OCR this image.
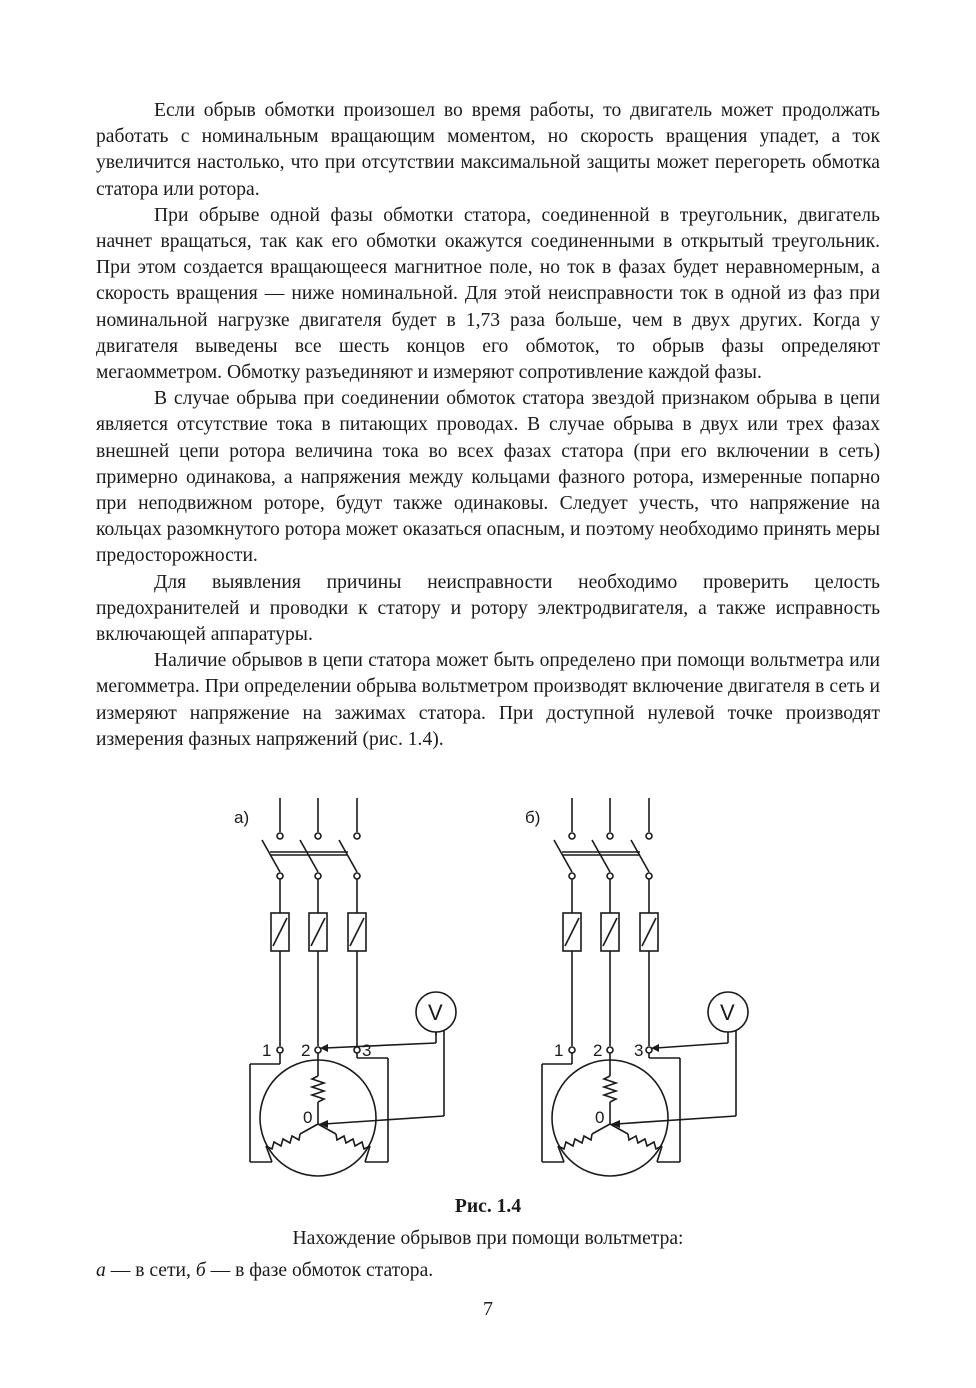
Если обрыв обмотки произошел во время работы, то двигатель может продолжать работать с номинальным вращающим моментом, но скорость вращения упадет, а ток увеличится настолько, что при отсутствии максимальной защиты может перегореть обмотка статора или ротора.

При обрыве одной фазы обмотки статора, соединенной в треугольник, двигатель начнет вращаться, так как его обмотки окажутся соединенными в открытый треугольник. При этом создается вращающееся магнитное поле, но ток в фазах будет неравномерным, а скорость вращения — ниже номинальной. Для этой неисправности ток в одной из фаз при номинальной нагрузке двигателя будет в 1,73 раза больше, чем в двух других. Когда у двигателя выведены все шесть концов его обмоток, то обрыв фазы определяют мегаомметром. Обмотку разъединяют и измеряют сопротивление каждой фазы.

В случае обрыва при соединении обмоток статора звездой признаком обрыва в цепи является отсутствие тока в питающих проводах. В случае обрыва в двух или трех фазах внешней цепи ротора величина тока во всех фазах статора (при его включении в сеть) примерно одинакова, а напряжения между кольцами фазного ротора, измеренные попарно при неподвижном роторе, будут также одинаковы. Следует учесть, что напряжение на кольцах разомкнутого ротора может оказаться опасным, и поэтому необходимо принять меры предосторожности.

Для выявления причины неисправности необходимо проверить целость предохранителей и проводки к статору и ротору электродвигателя, а также исправность включающей аппаратуры.

Наличие обрывов в цепи статора может быть определено при помощи вольтметра или мегомметра. При определении обрыва вольтметром производят включение двигателя в сеть и измеряют напряжение на зажимах статора. При доступной нулевой точке производят измерения фазных напряжений (рис. 1.4).

а)
V
1 2	3
0
б)
V
1 2 3
0
Рис. 1.4
Нахождение обрывов при помощи вольтметра:
а — в сети, б — в фазе обмоток статора.
7
